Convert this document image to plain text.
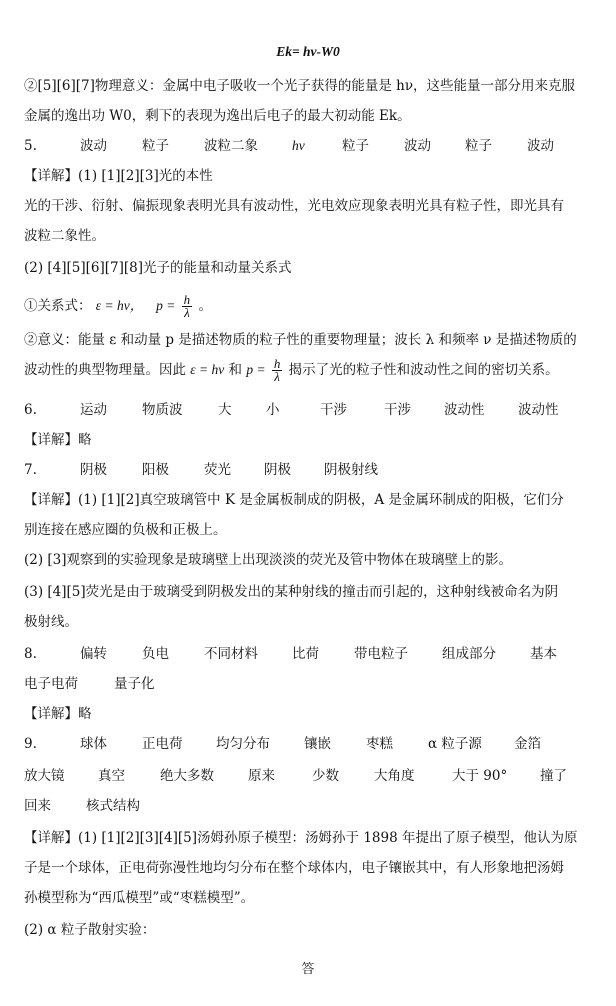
Ek= hν-W0
②[5][6][7]物理意义：金属中电子吸收一个光子获得的能量是 hν，这些能量一部分用来克服
金属的逸出功 W0，剩下的表现为逸出后电子的最大初动能 Ek。
5.	波动	粒子	波粒二象	hν	粒子	波动	粒子	波动
【详解】(1) [1][2][3]光的本性
光的干涉、衍射、偏振现象表明光具有波动性，光电效应现象表明光具有粒子性，即光具有
波粒二象性。
(2) [4][5][6][7][8]光子的能量和动量关系式
①关系式： ε = hν， $p = \frac{h}{\lambda}$ 。
②意义：能量 ε 和动量 p 是描述物质的粒子性的重要物理量；波长 λ 和频率 ν 是描述物质的
波动性的典型物理量。因此 ε = hν 和 $p = \frac{h}{\lambda}$ 揭示了光的粒子性和波动性之间的密切关系。
6.	运动	物质波	大	小	干涉	干涉 波动性 波动性
【详解】略
7.	阴极	阳极	荧光 阴极 阴极射线
【详解】(1) [1][2]真空玻璃管中 K 是金属板制成的阴极，A 是金属环制成的阳极，它们分
别连接在感应圈的负极和正极上。
(2) [3]观察到的实验现象是玻璃壁上出现淡淡的荧光及管中物体在玻璃壁上的影。
(3) [4][5]荧光是由于玻璃受到阴极发出的某种射线的撞击而引起的，这种射线被命名为阴
极射线。
8.	偏转	负电	不同材料	比荷	带电粒子	组成部分	基本
电子电荷	量子化
【详解】略
9.	球体	正电荷 均匀分布	镶嵌	枣糕	α 粒子源 金箔
放大镜 真空	绝大多数	原来	少数	大角度	大于 90° 撞了
回来	核式结构
【详解】(1) [1][2][3][4][5]汤姆孙原子模型：汤姆孙于 1898 年提出了原子模型，他认为原
子是一个球体，正电荷弥漫性地均匀分布在整个球体内，电子镶嵌其中，有人形象地把汤姆
孙模型称为“西瓜模型”或“枣糕模型”。
(2) α 粒子散射实验：
答
